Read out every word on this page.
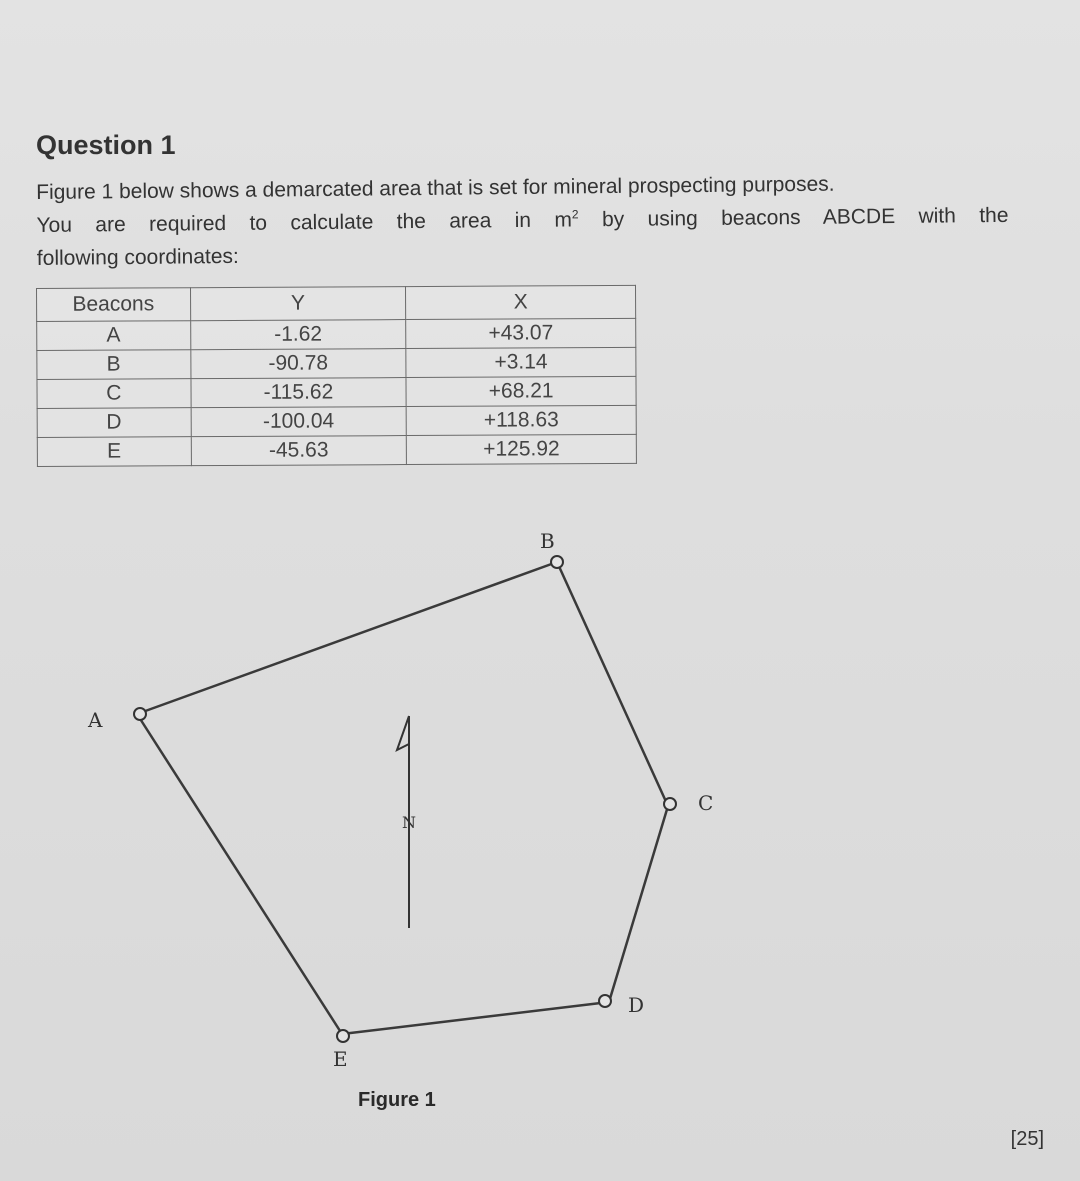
Question 1
Figure 1 below shows a demarcated area that is set for mineral prospecting purposes.
You are required to calculate the area in $m^2$ by using beacons ABCDE with the
following coordinates:
Beacons	Y	X
A	-1.62	+43.07
B	-90.78	+3.14
C	-115.62	+68.21
D	-100.04	+118.63
E	-45.63	+125.92
A
B
C
D
E
N
Figure 1
[25]
